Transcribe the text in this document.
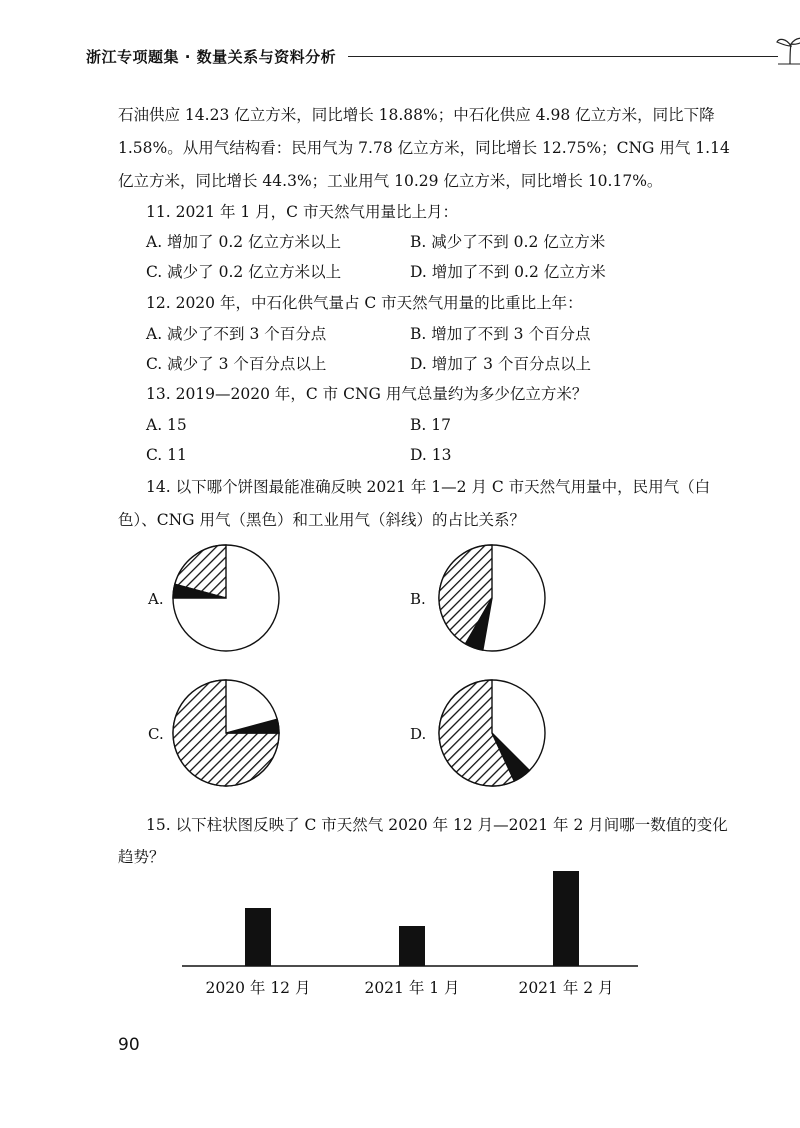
浙江专项题集 · 数量关系与资料分析
石油供应 14.23 亿立方米，同比增长 18.88%；中石化供应 4.98 亿立方米，同比下降
1.58%。从用气结构看：民用气为 7.78 亿立方米，同比增长 12.75%；CNG 用气 1.14
亿立方米，同比增长 44.3%；工业用气 10.29 亿立方米，同比增长 10.17%。
11. 2021 年 1 月，C 市天然气用量比上月：
A. 增加了 0.2 亿立方米以上	B. 减少了不到 0.2 亿立方米
C. 减少了 0.2 亿立方米以上	D. 增加了不到 0.2 亿立方米
12. 2020 年，中石化供气量占 C 市天然气用量的比重比上年：
A. 减少了不到 3 个百分点	B. 增加了不到 3 个百分点
C. 减少了 3 个百分点以上	D. 增加了 3 个百分点以上
13. 2019—2020 年，C 市 CNG 用气总量约为多少亿立方米？
A. 15	B. 17
C. 11	D. 13
14. 以下哪个饼图最能准确反映 2021 年 1—2 月 C 市天然气用量中，民用气（白
色）、CNG 用气（黑色）和工业用气（斜线）的占比关系？
A.	B.
C.	D.
15. 以下柱状图反映了 C 市天然气 2020 年 12 月—2021 年 2 月间哪一数值的变化
趋势？
2020 年 12 月	2021 年 1 月	2021 年 2 月
90
